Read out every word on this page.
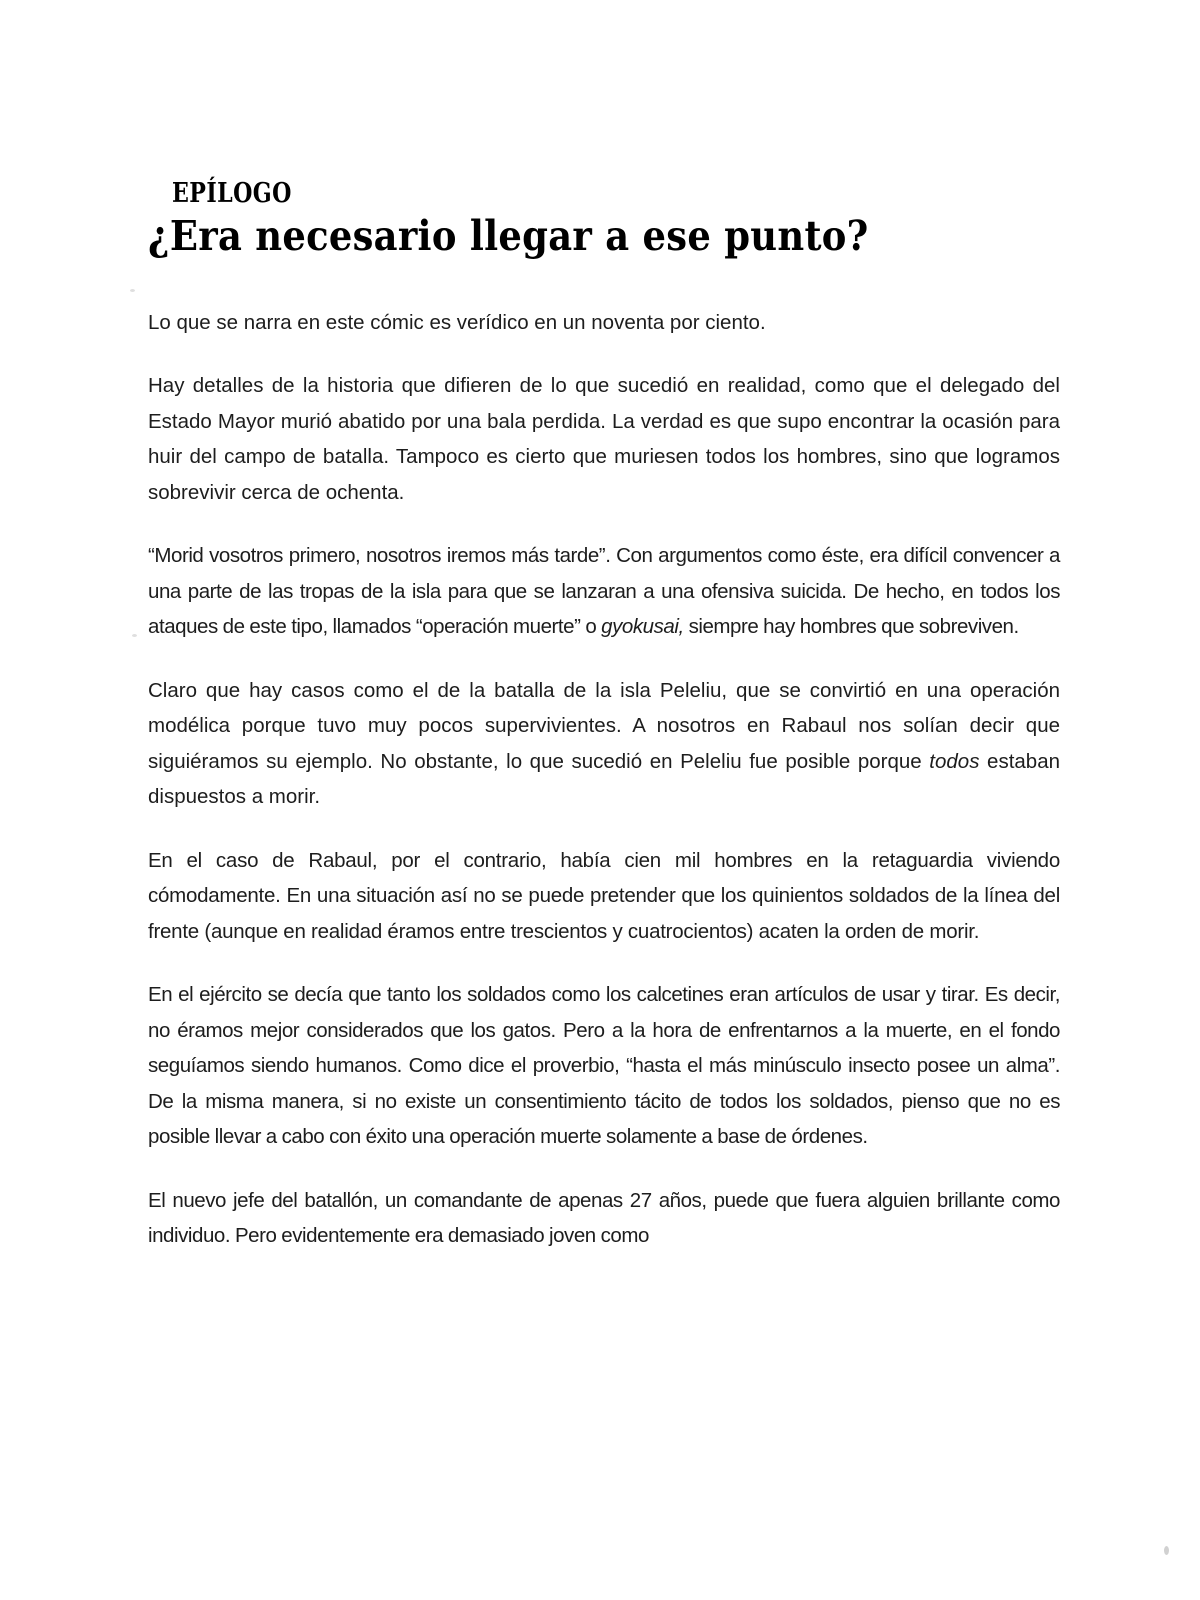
EPÍLOGO
¿Era necesario llegar a ese punto?

Lo que se narra en este cómic es verídico en un noventa por ciento.

Hay detalles de la historia que difieren de lo que sucedió en realidad, como que el delegado del Estado Mayor murió abatido por una bala perdida. La verdad es que supo encontrar la ocasión para huir del campo de batalla. Tampoco es cierto que muriesen todos los hombres, sino que logramos sobrevivir cerca de ochenta.

“Morid vosotros primero, nosotros iremos más tarde”. Con argumentos como éste, era difícil convencer a una parte de las tropas de la isla para que se lanzaran a una ofensiva suicida. De hecho, en todos los ataques de este tipo, llamados “operación muerte” o gyokusai, siempre hay hombres que sobreviven.

Claro que hay casos como el de la batalla de la isla Peleliu, que se convirtió en una operación modélica porque tuvo muy pocos supervivientes. A nosotros en Rabaul nos solían decir que siguiéramos su ejemplo. No obstante, lo que sucedió en Peleliu fue posible porque todos estaban dispuestos a morir.

En el caso de Rabaul, por el contrario, había cien mil hombres en la retaguardia viviendo cómodamente. En una situación así no se puede pretender que los quinientos soldados de la línea del frente (aunque en realidad éramos entre trescientos y cuatrocientos) acaten la orden de morir.

En el ejército se decía que tanto los soldados como los calcetines eran artículos de usar y tirar. Es decir, no éramos mejor considerados que los gatos. Pero a la hora de enfrentarnos a la muerte, en el fondo seguíamos siendo humanos. Como dice el proverbio, “hasta el más minúsculo insecto posee un alma”. De la misma manera, si no existe un consentimiento tácito de todos los soldados, pienso que no es posible llevar a cabo con éxito una operación muerte solamente a base de órdenes.

El nuevo jefe del batallón, un comandante de apenas 27 años, puede que fuera alguien brillante como individuo. Pero evidentemente era demasiado joven como
